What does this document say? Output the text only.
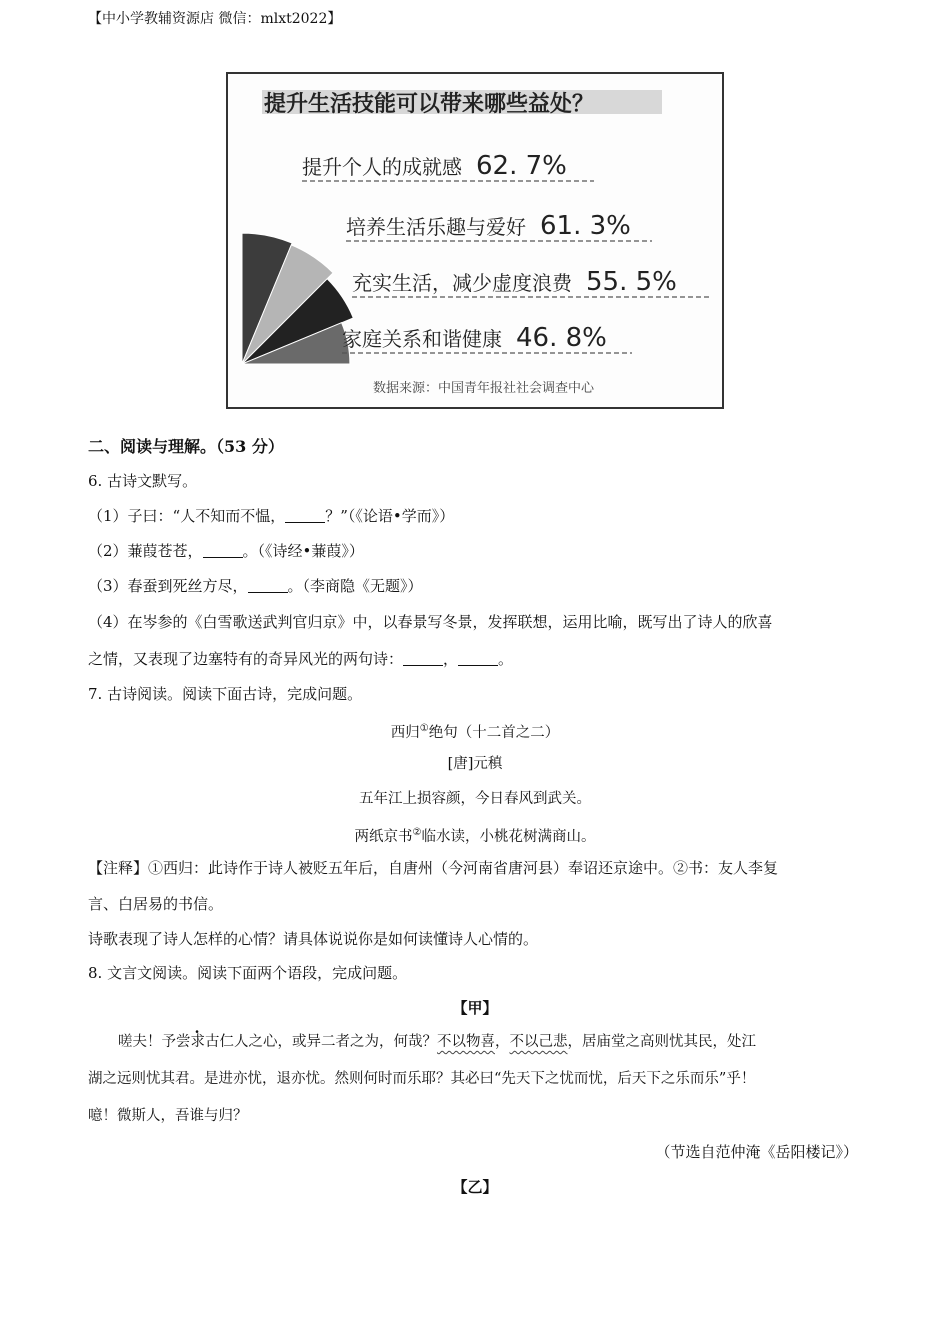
【中小学教辅资源店 微信：mlxt2022】
提升生活技能可以带来哪些益处？
提升个人的成就感 62. 7%
培养生活乐趣与爱好 61. 3%
充实生活，减少虚度浪费 55. 5%
家庭关系和谐健康 46. 8%
数据来源：中国青年报社社会调查中心
二、阅读与理解。（53 分）
6. 古诗文默写。
（1）子曰：“人不知而不愠，	？”（《论语•学而》）
（2）蒹葭苍苍，	。（《诗经•蒹葭》）
（3）春蚕到死丝方尽，	。（李商隐《无题》）
（4）在岑参的《白雪歌送武判官归京》中，以春景写冬景，发挥联想，运用比喻，既写出了诗人的欣喜
之情，又表现了边塞特有的奇异风光的两句诗：	，	。
7. 古诗阅读。阅读下面古诗，完成问题。
西归①绝句（十二首之二）
[唐]元稹
五年江上损容颜，今日春风到武关。
两纸京书②临水读，小桃花树满商山。
【注释】①西归：此诗作于诗人被贬五年后，自唐州（今河南省唐河县）奉诏还京途中。②书：友人李复
言、白居易的书信。
诗歌表现了诗人怎样的心情？请具体说说你是如何读懂诗人心情的。
8. 文言文阅读。阅读下面两个语段，完成问题。
【甲】
嗟夫！予尝求古仁人之心，或异二者之为，何哉？不以物喜，不以己悲，居庙堂之高则忧其民，处江
湖之远则忧其君。是进亦忧，退亦忧。然则何时而乐耶？其必曰“先天下之忧而忧，后天下之乐而乐”乎！
噫！微斯人，吾谁与归？
（节选自范仲淹《岳阳楼记》）
【乙】
